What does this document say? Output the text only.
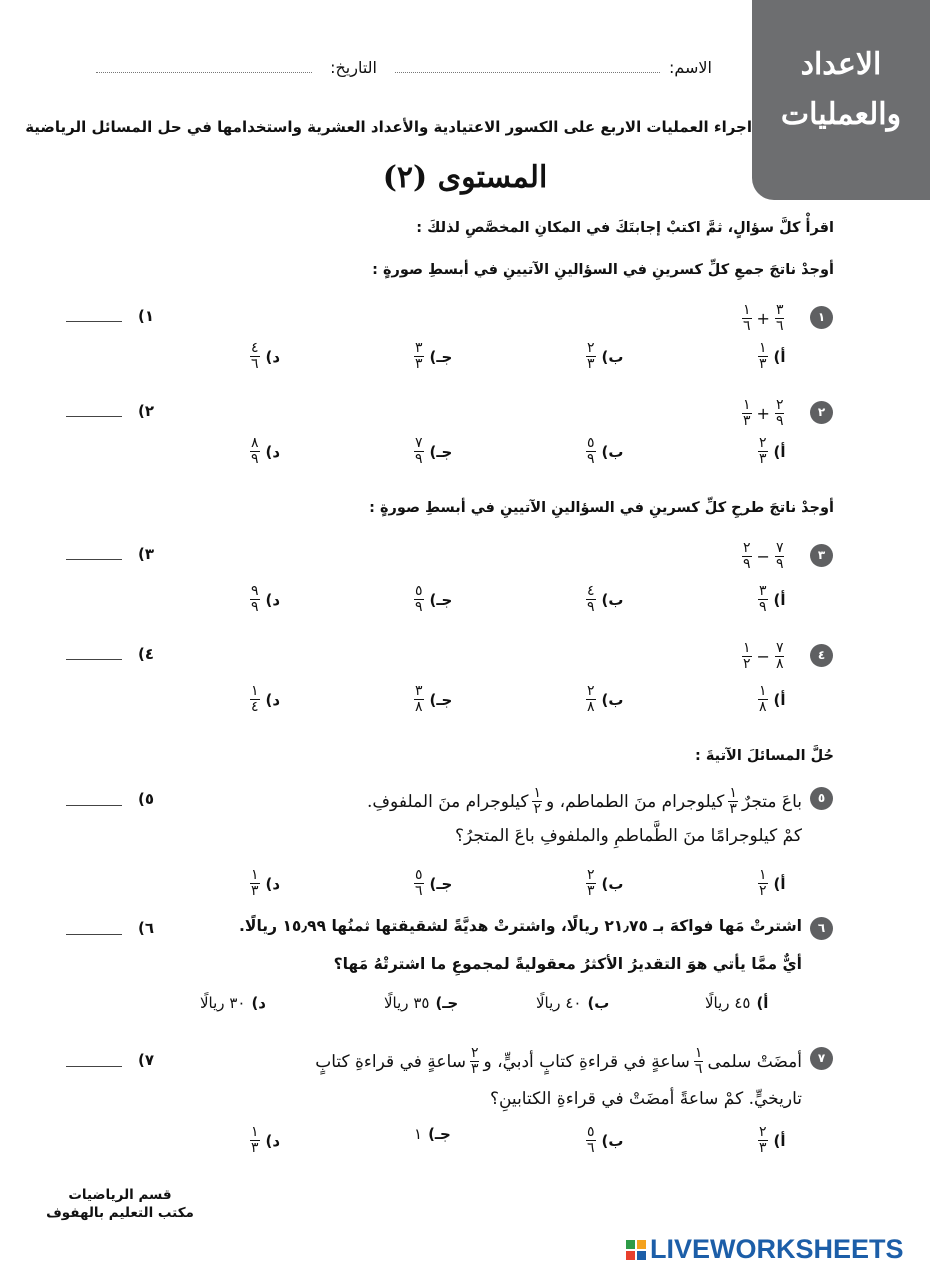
الاعداد
والعمليات
الاسم:
التاريخ:
اجراء العمليات الاربع على الكسور الاعتيادية والأعداد العشرية واستخدامها في حل المسائل الرياضية
المستوى (٢)
اقرأْ كلَّ سؤالٍ، ثمَّ اكتبْ إجابتَكَ في المكانِ المخصَّصِ لذلكَ :
أوجدْ ناتجَ جمعِ كلِّ كسرينِ في السؤالينِ الآتيينِ في أبسطِ صورةٍ :
أوجدْ ناتجَ طرحِ كلِّ كسرينِ في السؤالينِ الآتيينِ في أبسطِ صورةٍ :
حُلَّ المسائلَ الآتيةَ :
١
$\frac{١}{٦} + \frac{٣}{٦}$
١)
أ)
$\frac{١}{٣}$
ب)
$\frac{٢}{٣}$
جـ)
$\frac{٣}{٣}$
د)
$\frac{٤}{٦}$
٢
$\frac{١}{٣} + \frac{٢}{٩}$
٢)
أ)
$\frac{٢}{٣}$
ب)
$\frac{٥}{٩}$
جـ)
$\frac{٧}{٩}$
د)
$\frac{٨}{٩}$
٣
$\frac{٢}{٩} - \frac{٧}{٩}$
٣)
أ)
$\frac{٣}{٩}$
ب)
$\frac{٤}{٩}$
جـ)
$\frac{٥}{٩}$
د)
$\frac{٩}{٩}$
٤
$\frac{١}{٢} - \frac{٧}{٨}$
٤)
أ)
$\frac{١}{٨}$
ب)
$\frac{٢}{٨}$
جـ)
$\frac{٣}{٨}$
د)
$\frac{١}{٤}$
٥
باعَ متجرٌ
$\frac{١}{٣}$
كيلوجرام منَ الطماطم، و
$\frac{١}{٢}$
كيلوجرام منَ الملفوفِ.
كمْ كيلوجرامًا منَ الطَّماطمِ والملفوفِ باعَ المتجرُ؟
٥)
أ)
$\frac{١}{٢}$
ب)
$\frac{٢}{٣}$
جـ)
$\frac{٥}{٦}$
د)
$\frac{١}{٣}$
٦
اشترتْ مَها فواكهَ بـ ٢١٫٧٥ ريالًا، واشترتْ هديَّةً لشقيقتها ثمنُها ١٥٫٩٩ ريالًا.
أيٌّ ممَّا يأتي هوَ التقديرُ الأكثرُ معقوليةً لمجموعِ ما اشترتْهُ مَها؟
٦)
أ)
٤٥ ريالًا
ب)
٤٠ ريالًا
جـ)
٣٥ ريالًا
د)
٣٠ ريالًا
٧
أمضَتْ سلمى
$\frac{١}{٦}$
ساعةٍ في قراءةِ كتابٍ أدبيٍّ، و
$\frac{٢}{٣}$
ساعةٍ في قراءةِ كتابٍ
تاريخيٍّ. كمْ ساعةً أمضَتْ في قراءةِ الكتابينِ؟
٧)
أ)
$\frac{٢}{٣}$
ب)
$\frac{٥}{٦}$
جـ)
١
د)
$\frac{١}{٣}$
قسم الرياضيات
مكتب التعليم بالهفوف
LIVEWORKSHEETS
